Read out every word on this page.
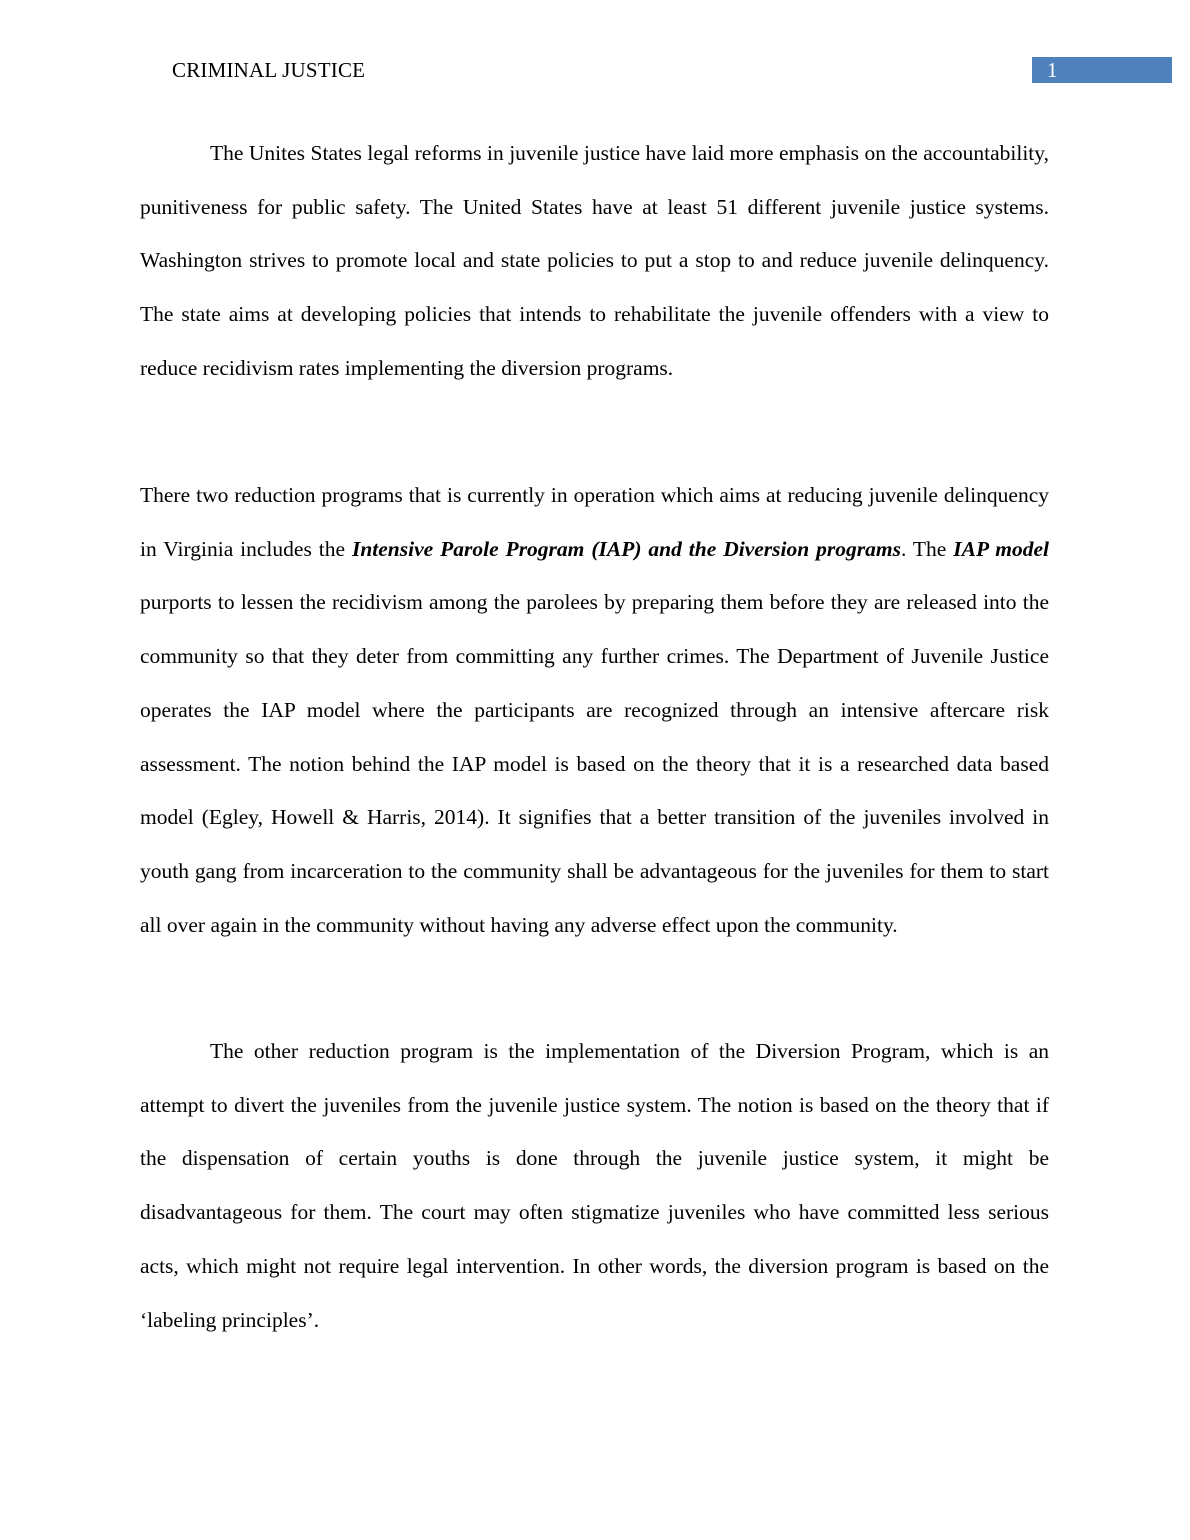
CRIMINAL JUSTICE	1

The Unites States legal reforms in juvenile justice have laid more emphasis on the accountability, punitiveness for public safety. The United States have at least 51 different juvenile justice systems. Washington strives to promote local and state policies to put a stop to and reduce juvenile delinquency. The state aims at developing policies that intends to rehabilitate the juvenile offenders with a view to reduce recidivism rates implementing the diversion programs.

There two reduction programs that is currently in operation which aims at reducing juvenile delinquency in Virginia includes the Intensive Parole Program (IAP) and the Diversion programs. The IAP model purports to lessen the recidivism among the parolees by preparing them before they are released into the community so that they deter from committing any further crimes. The Department of Juvenile Justice operates the IAP model where the participants are recognized through an intensive aftercare risk assessment. The notion behind the IAP model is based on the theory that it is a researched data based model (Egley, Howell & Harris, 2014). It signifies that a better transition of the juveniles involved in youth gang from incarceration to the community shall be advantageous for the juveniles for them to start all over again in the community without having any adverse effect upon the community.

The other reduction program is the implementation of the Diversion Program, which is an attempt to divert the juveniles from the juvenile justice system. The notion is based on the theory that if the dispensation of certain youths is done through the juvenile justice system, it might be disadvantageous for them. The court may often stigmatize juveniles who have committed less serious acts, which might not require legal intervention. In other words, the diversion program is based on the ‘labeling principles’.
